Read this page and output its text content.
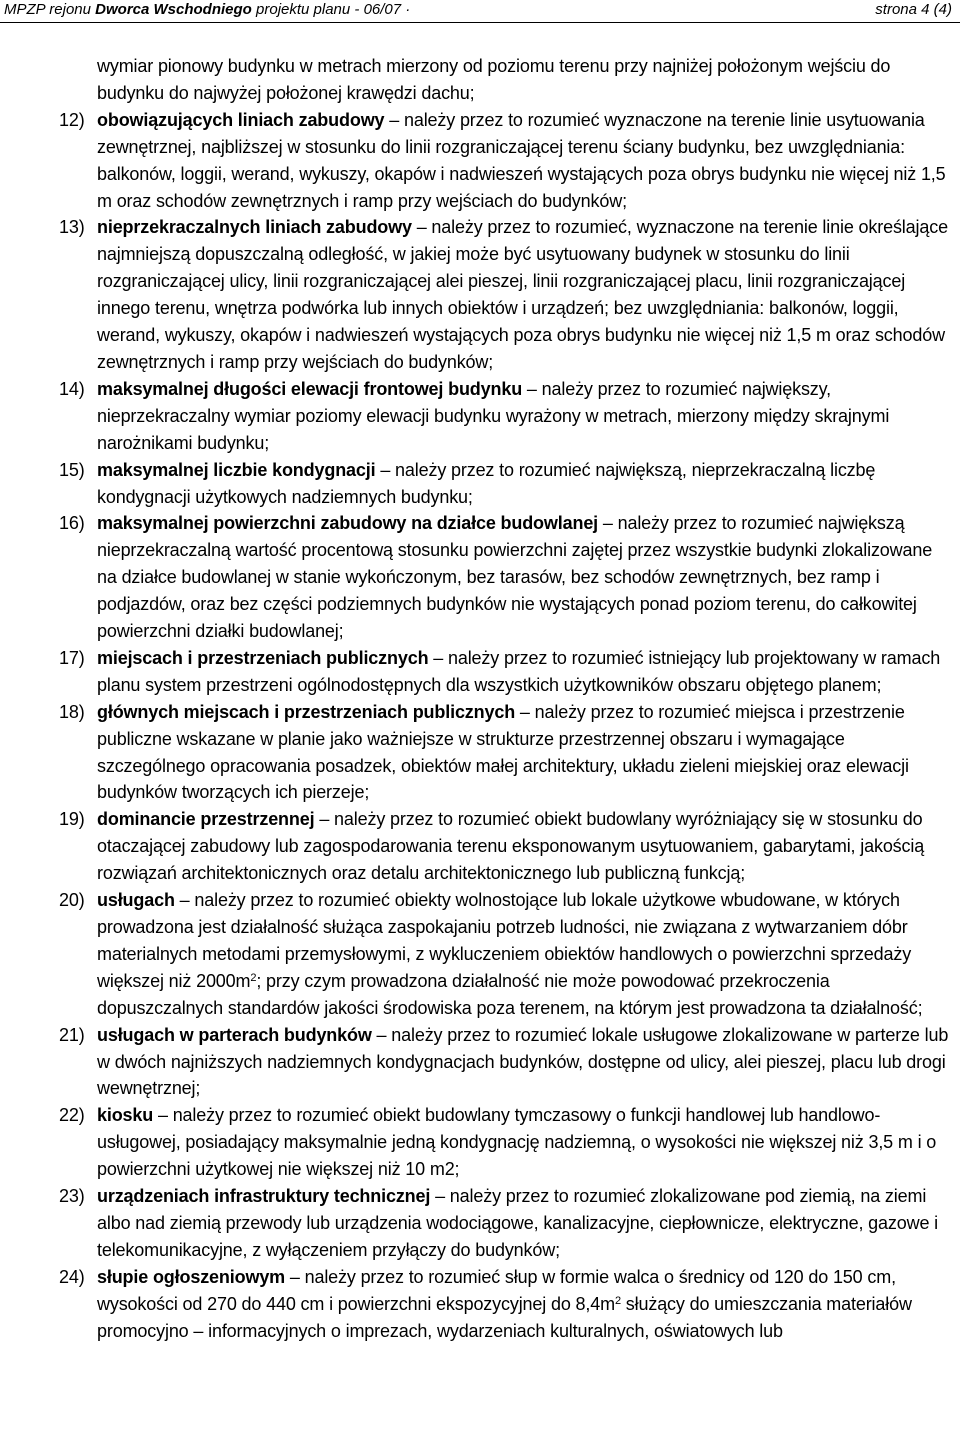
MPZP rejonu Dworca Wschodniego projektu planu - 06/07 ·	strona 4 (4)

wymiar pionowy budynku w metrach mierzony od poziomu terenu przy najniżej położonym wejściu do budynku do najwyżej położonej krawędzi dachu;

12) obowiązujących liniach zabudowy – należy przez to rozumieć wyznaczone na terenie linie usytuowania zewnętrznej, najbliższej w stosunku do linii rozgraniczającej terenu ściany budynku, bez uwzględniania: balkonów, loggii, werand, wykuszy, okapów i nadwieszeń wystających poza obrys budynku nie więcej niż 1,5 m oraz schodów zewnętrznych i ramp przy wejściach do budynków;

13) nieprzekraczalnych liniach zabudowy – należy przez to rozumieć, wyznaczone na terenie linie określające najmniejszą dopuszczalną odległość, w jakiej może być usytuowany budynek w stosunku do linii rozgraniczającej ulicy, linii rozgraniczającej alei pieszej, linii rozgraniczającej placu, linii rozgraniczającej innego terenu, wnętrza podwórka lub innych obiektów i urządzeń; bez uwzględniania: balkonów, loggii, werand, wykuszy, okapów i nadwieszeń wystających poza obrys budynku nie więcej niż 1,5 m oraz schodów zewnętrznych i ramp przy wejściach do budynków;

14) maksymalnej długości elewacji frontowej budynku – należy przez to rozumieć największy, nieprzekraczalny wymiar poziomy elewacji budynku wyrażony w metrach, mierzony między skrajnymi narożnikami budynku;

15) maksymalnej liczbie kondygnacji – należy przez to rozumieć największą, nieprzekraczalną liczbę kondygnacji użytkowych nadziemnych budynku;

16) maksymalnej powierzchni zabudowy na działce budowlanej – należy przez to rozumieć największą nieprzekraczalną wartość procentową stosunku powierzchni zajętej przez wszystkie budynki zlokalizowane na działce budowlanej w stanie wykończonym, bez tarasów, bez schodów zewnętrznych, bez ramp i podjazdów, oraz bez części podziemnych budynków nie wystających ponad poziom terenu, do całkowitej powierzchni działki budowlanej;

17) miejscach i przestrzeniach publicznych – należy przez to rozumieć istniejący lub projektowany w ramach planu system przestrzeni ogólnodostępnych dla wszystkich użytkowników obszaru objętego planem;

18) głównych miejscach i przestrzeniach publicznych – należy przez to rozumieć miejsca i przestrzenie publiczne wskazane w planie jako ważniejsze w strukturze przestrzennej obszaru i wymagające szczególnego opracowania posadzek, obiektów małej architektury, układu zieleni miejskiej oraz elewacji budynków tworzących ich pierzeje;

19) dominancie przestrzennej – należy przez to rozumieć obiekt budowlany wyróżniający się w stosunku do otaczającej zabudowy lub zagospodarowania terenu eksponowanym usytuowaniem, gabarytami, jakością rozwiązań architektonicznych oraz detalu architektonicznego lub publiczną funkcją;

20) usługach – należy przez to rozumieć obiekty wolnostojące lub lokale użytkowe wbudowane, w których prowadzona jest działalność służąca zaspokajaniu potrzeb ludności, nie związana z wytwarzaniem dóbr materialnych metodami przemysłowymi, z wykluczeniem obiektów handlowych o powierzchni sprzedaży większej niż $2000m^2$; przy czym prowadzona działalność nie może powodować przekroczenia dopuszczalnych standardów jakości środowiska poza terenem, na którym jest prowadzona ta działalność;

21) usługach w parterach budynków – należy przez to rozumieć lokale usługowe zlokalizowane w parterze lub w dwóch najniższych nadziemnych kondygnacjach budynków, dostępne od ulicy, alei pieszej, placu lub drogi wewnętrznej;

22) kiosku – należy przez to rozumieć obiekt budowlany tymczasowy o funkcji handlowej lub handlowo-usługowej, posiadający maksymalnie jedną kondygnację nadziemną, o wysokości nie większej niż 3,5 m i o powierzchni użytkowej nie większej niż 10 m2;

23) urządzeniach infrastruktury technicznej – należy przez to rozumieć zlokalizowane pod ziemią, na ziemi albo nad ziemią przewody lub urządzenia wodociągowe, kanalizacyjne, ciepłownicze, elektryczne, gazowe i telekomunikacyjne, z wyłączeniem przyłączy do budynków;

24) słupie ogłoszeniowym – należy przez to rozumieć słup w formie walca o średnicy od 120 do 150 cm, wysokości od 270 do 440 cm i powierzchni ekspozycyjnej do $8,4m^2$ służący do umieszczania materiałów promocyjno – informacyjnych o imprezach, wydarzeniach kulturalnych, oświatowych lub
